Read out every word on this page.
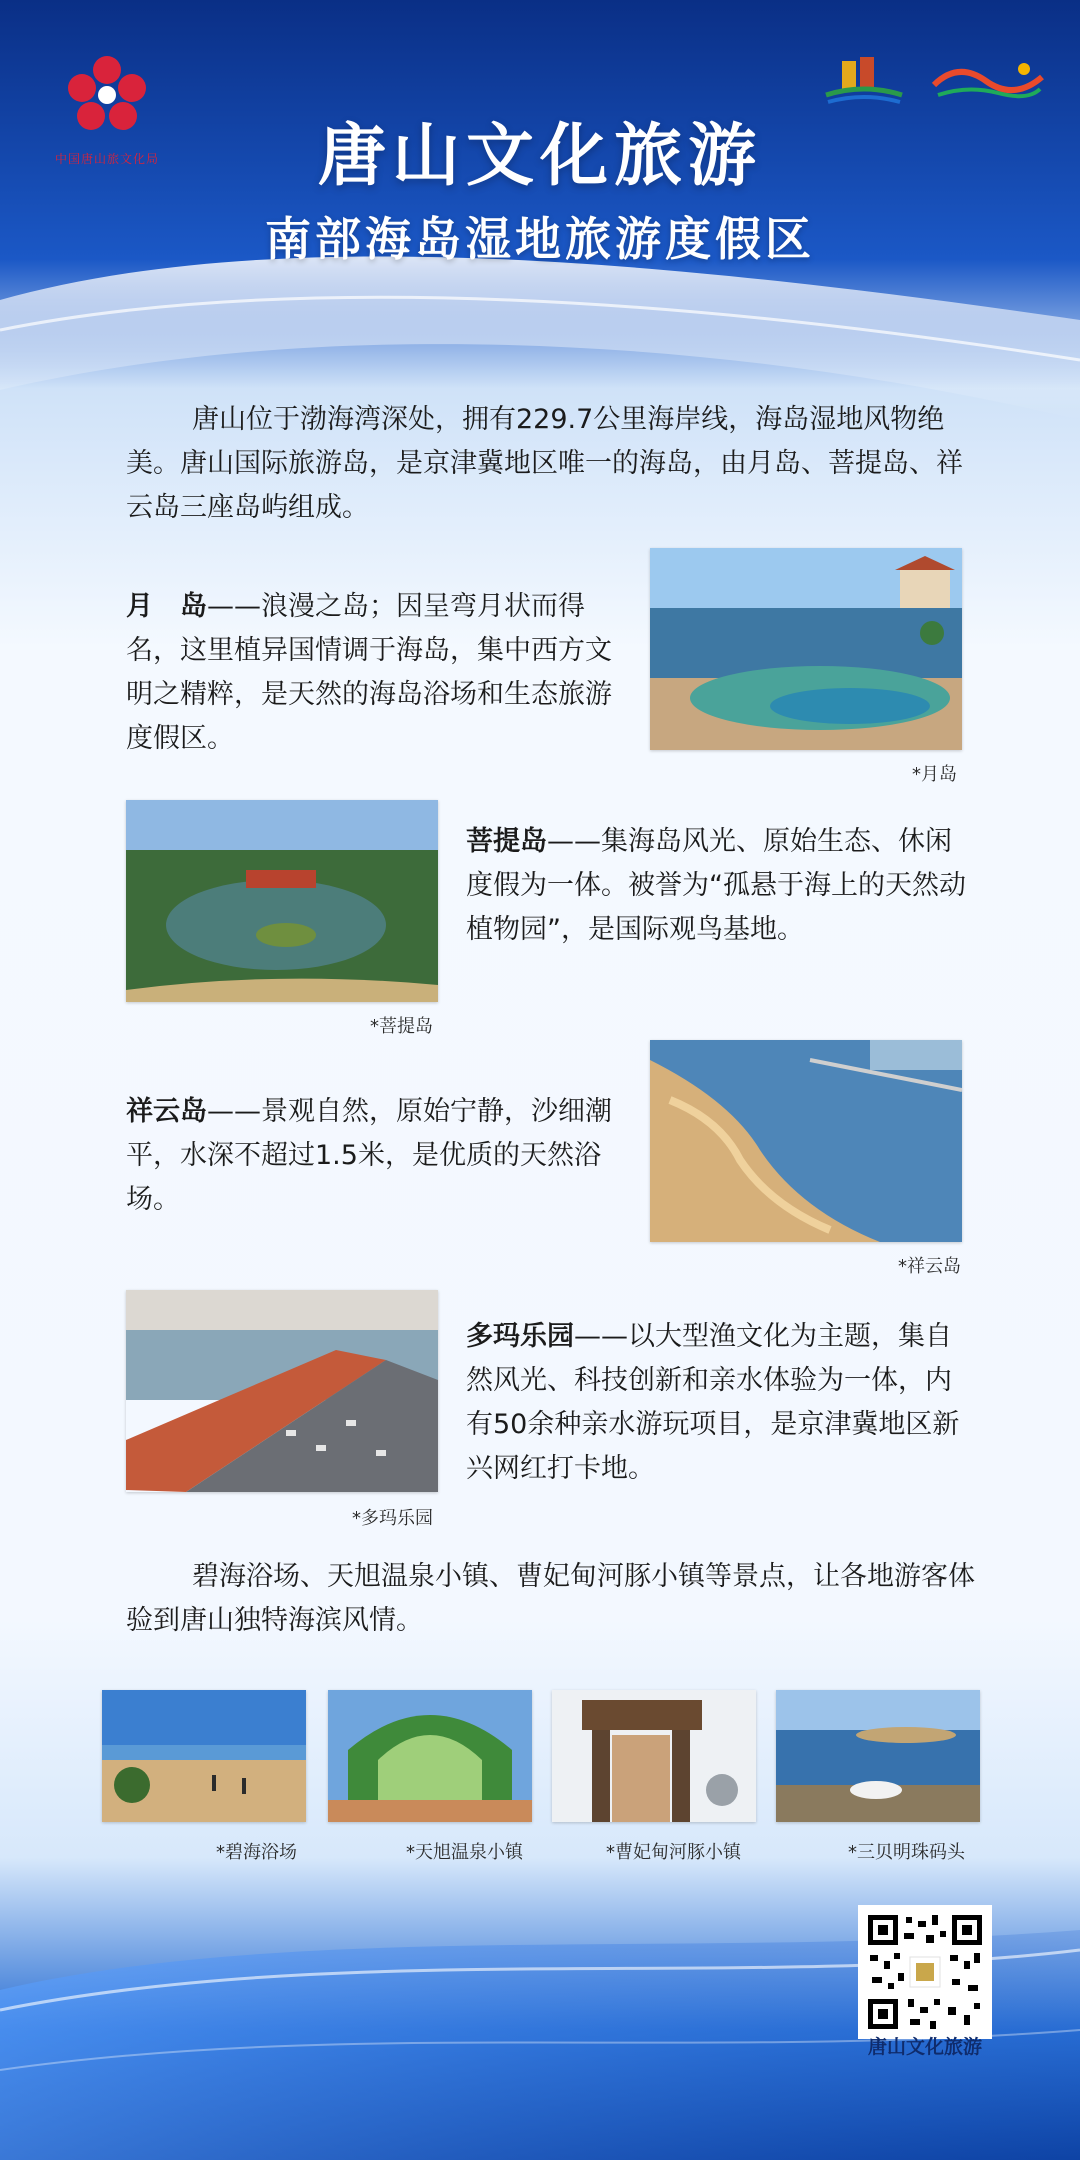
中国唐山旅文化局	唐山文化旅游
南部海岛湿地旅游度假区
唐山位于渤海湾深处，拥有229.7公里海岸线，海岛湿地风物绝美。唐山国际旅游岛，是京津冀地区唯一的海岛，由月岛、菩提岛、祥云岛三座岛屿组成。
月　岛——浪漫之岛；因呈弯月状而得名，这里植异国情调于海岛，集中西方文明之精粹，是天然的海岛浴场和生态旅游度假区。
*月岛
*菩提岛
菩提岛——集海岛风光、原始生态、休闲度假为一体。被誉为“孤悬于海上的天然动植物园”，是国际观鸟基地。
祥云岛——景观自然，原始宁静，沙细潮平，水深不超过1.5米，是优质的天然浴场。
*祥云岛
*多玛乐园
多玛乐园——以大型渔文化为主题，集自然风光、科技创新和亲水体验为一体，内有50余种亲水游玩项目，是京津冀地区新兴网红打卡地。
碧海浴场、天旭温泉小镇、曹妃甸河豚小镇等景点，让各地游客体验到唐山独特海滨风情。
*碧海浴场	*天旭温泉小镇	*曹妃甸河豚小镇	*三贝明珠码头
唐山文化旅游
